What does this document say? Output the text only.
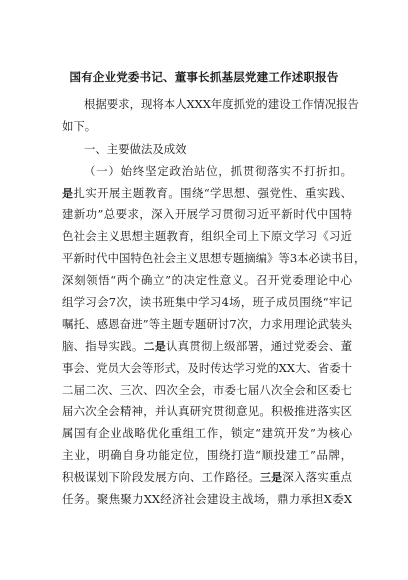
国有企业党委书记、董事长抓基层党建工作述职报告
根据要求，现将本人XXX年度抓党的建设工作情况报告
如下。
一、主要做法及成效
（一）始终坚定政治站位，抓贯彻落实不打折扣。
是扎实开展主题教育。围绕“学思想、强党性、重实践、
建新功”总要求，深入开展学习贯彻习近平新时代中国特
色社会主义思想主题教育，组织全司上下原文学习《习近
平新时代中国特色社会主义思想专题摘编》等3本必读书目，
深刻领悟“两个确立”的决定性意义。召开党委理论中心
组学习会7次，读书班集中学习4场，班子成员围绕“牢记
嘱托、感恩奋进”等主题专题研讨7次，力求用理论武装头
脑、指导实践。二是认真贯彻上级部署，通过党委会、董
事会、党员大会等形式，及时传达学习党的XX大、省委十
二届二次、三次、四次全会，市委七届八次全会和区委七
届六次全会精神，并认真研究贯彻意见。积极推进落实区
属国有企业战略优化重组工作，锁定“建筑开发”为核心
主业，明确自身功能定位，围绕打造“顺投建工”品牌，
积极谋划下阶段发展方向、工作路径。三是深入落实重点
任务。聚焦聚力XX经济社会建设主战场，鼎力承担X委X
